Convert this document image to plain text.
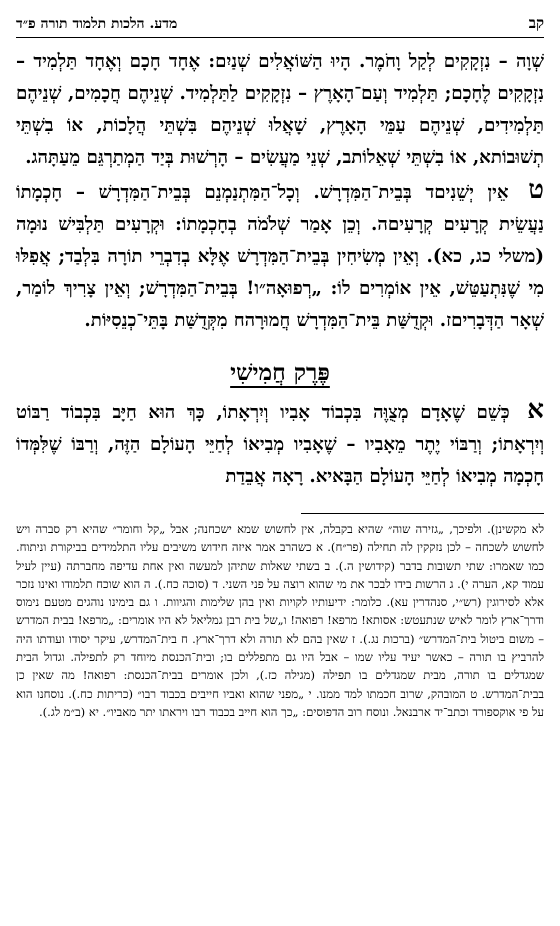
קב
מדע. הלכות תלמוד תורה פ״ד

שְׁוָה – נִזְקָקִים לְקַל וָחֹמֶר. הָיוּ הַשּׁוֹאֲלִים שְׁנַיִם: אֶחָד חָכָם וְאֶחָד תַּלְמִיד – נִזְקָקִים לֶחָכָם; תַּלְמִיד וְעַם־הָאָרֶץ – נִזְקָקִים לַתַּלְמִיד. שְׁנֵיהֶם חֲכָמִים, שְׁנֵיהֶם תַּלְמִידִים, שְׁנֵיהֶם עַמֵּי הָאָרֶץ, שָׁאֲלוּ שְׁנֵיהֶם בִּשְׁתֵּי הֲלָכוֹת, אוֹ בִשְׁתֵּי תְשׁוּבוֹתא, אוֹ בִשְׁתֵּי שְׁאֵלוֹתב, שְׁנֵי מַעֲשִׂים – הָרְשׁוּת בְּיַד הַמְתַרְגֵּם מֵעַתָּהג.

ט אֵין יְשֵׁנִיםד בְּבֵית־הַמִּדְרָשׁ. וְכָל־הַמִּתְנַמְנֵם בְּבֵית־הַמִּדְרָשׁ – חָכְמָתוֹ נַעֲשֵׂית קְרָעִים קְרָעִיםה. וְכֵן אָמַר שְׁלֹמֹה בְחָכְמָתוֹ: וּקְרָעִים תַּלְבִּישׁ נוּמָה (משלי כג, כא). וְאֵין מְשִׂיחִין בְּבֵית־הַמִּדְרָשׁ אֶלָּא בְדִבְרֵי תוֹרָה בִּלְבַד; אֲפִלּוּ מִי שֶׁנִּתְעַטֵּשׁ, אֵין אוֹמְרִים לוֹ: „רְפוּאָה״ו! בְּבֵית־הַמִּדְרָשׁ; וְאֵין צָרִיךְ לוֹמַר, שְׁאָר הַדְּבָרִיםז. וּקְדֻשַּׁת בֵּית־הַמִּדְרָשׁ חֲמוּרָהח מִקְּדֻשַּׁת בָּתֵּי־כְנֵסִיּוֹת.

פֶּרֶק חֲמִישִׁי

א כְּשֵׁם שֶׁאָדָם מְצֻוֶּה בִּכְבוֹד אָבִיו וְיִרְאָתוֹ, כָּךְ הוּא חַיָּב בִּכְבוֹד רַבּוֹט וְיִרְאָתוֹ; וְרַבּוֹי יֶתֶר מֵאָבִיו – שֶׁאָבִיו מְבִיאוֹ לְחַיֵּי הָעוֹלָם הַזֶּה, וְרַבּוֹ שֶׁלִּמְּדוֹ חָכְמָה מְבִיאוֹ לְחַיֵּי הָעוֹלָם הַבָּאיא. רָאָה אֲבֵדַת

לא מקשינן). ולפיכך, „גזירה שוה״ שהיא בקבלה, אין לחשוש שמא ישכחנה; אבל „קל וחומר״ שהיא רק סברה ויש לחשוש לשכחה – לכן נזקקין לה תחילה (פר״ח). א כשהרב אמר איזה חידוש משיבים עליו התלמידים בביקורת וניתוח. כמו שאמרו: שתי תשובות בדבר (קידושין ה.). ב בשתי שאלות שתיהן למעשה ואין אחת עדיפה מחברתה (עיין לעיל עמוד קא, הערה י). ג הרשות בידו לבכר את מי שהוא רוצה על פני השני. ד (סוכה כח.). ה הוא שוכח תלמודו ואינו נזכר אלא לסירוגין (רש״י, סנהדרין עא). כלומר: ידיעותיו לקויות ואין בהן שלימות והגיוות. ו גם בימינו נוהגים מטעם נימוס ודרך־ארץ לומר לאיש שנתעטש: אסותא! מרפא! רפואה! ו„של בית רבן גמליאל לא היו אומרים: „מרפא! בבית המדרש – משום ביטול בית־המדרש״ (ברכות נג.). ז שאין בהם לא תורה ולא דרך־ארץ. ח בית־המדרש, עיקר יסודו ועודתו היה להרביץ בו תורה – כאשר יעיד עליו שמו – אבל היו גם מתפללים בו; ובית־הכנסת מיוחד רק לתפילה. וגדול הבית שמגדלים בו תורה, מבית שמגדלים בו תפילה (מגילה כז.), ולכן אומרים בבית־הכנסת: רפואה! מה שאין כן בבית־המדרש. ט המובהק, שרוב חכמתו למד ממנו. י „מפני שהוא ואביו חייבים בכבוד רבו״ (כריתות כח.). נוסחנו הוא על פי אוקספורד וכתב־יד ארבנאל. ונוסח רוב הדפוסים: „כך הוא חייב בכבוד רבו ויראתו יתר מאביו״. יא (ב״מ לג.).
